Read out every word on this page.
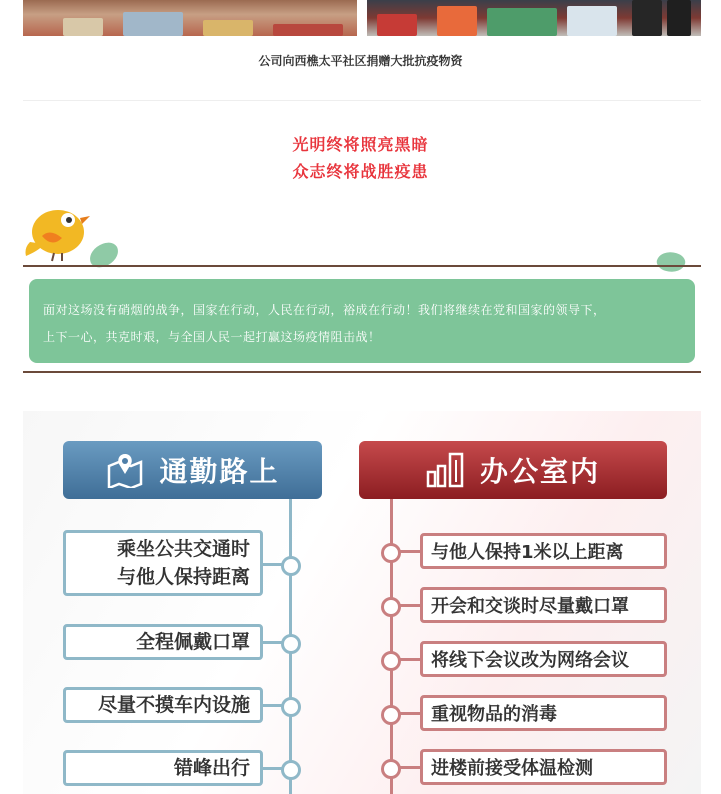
公司向西樵太平社区捐赠大批抗疫物资
光明终将照亮黑暗
众志终将战胜疫患
面对这场没有硝烟的战争，国家在行动，人民在行动，裕成在行动！我们将继续在党和国家的领导下，
上下一心，共克时艰，与全国人民一起打赢这场疫情阻击战！
通勤路上	办公室内
乘坐公共交通时
与他人保持距离
全程佩戴口罩
尽量不摸车内设施
错峰出行
与他人保持1米以上距离
开会和交谈时尽量戴口罩
将线下会议改为网络会议
重视物品的消毒
进楼前接受体温检测
